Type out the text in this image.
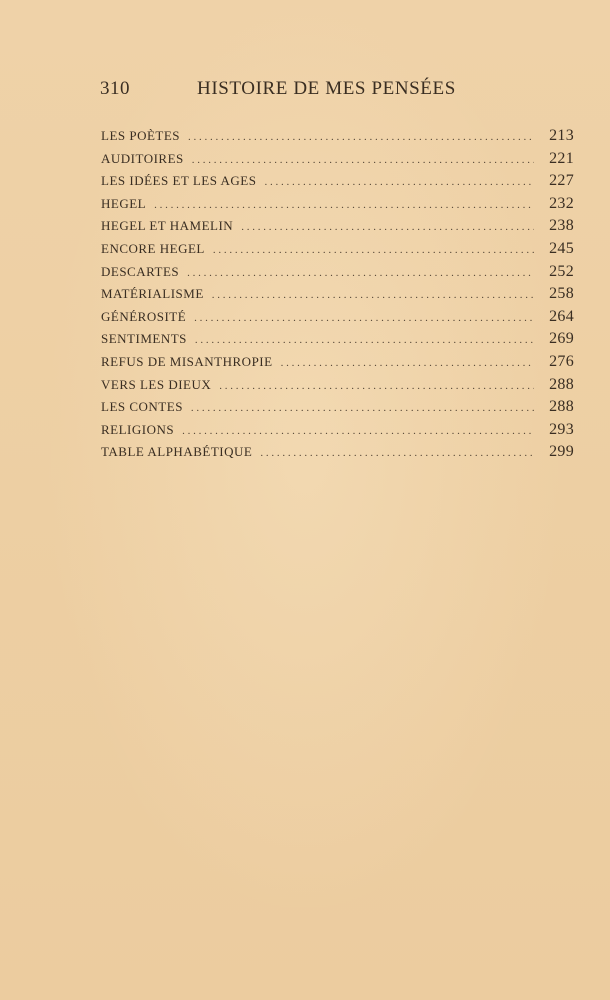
310	HISTOIRE DE MES PENSÉES
LES POÈTES . . .	213
AUDITOIRES . . .	221
LES IDÉES ET LES AGES . . .	227
HEGEL . . .	232
HEGEL ET HAMELIN . . .	238
ENCORE HEGEL . . .	245
DESCARTES . . .	252
MATÉRIALISME . . .	258
GÉNÉROSITÉ . . .	264
SENTIMENTS . . .	269
REFUS DE MISANTHROPIE . . .	276
VERS LES DIEUX . . .	288
LES CONTES . . .	288
RELIGIONS . . .	293
TABLE ALPHABÉTIQUE . . .	299
